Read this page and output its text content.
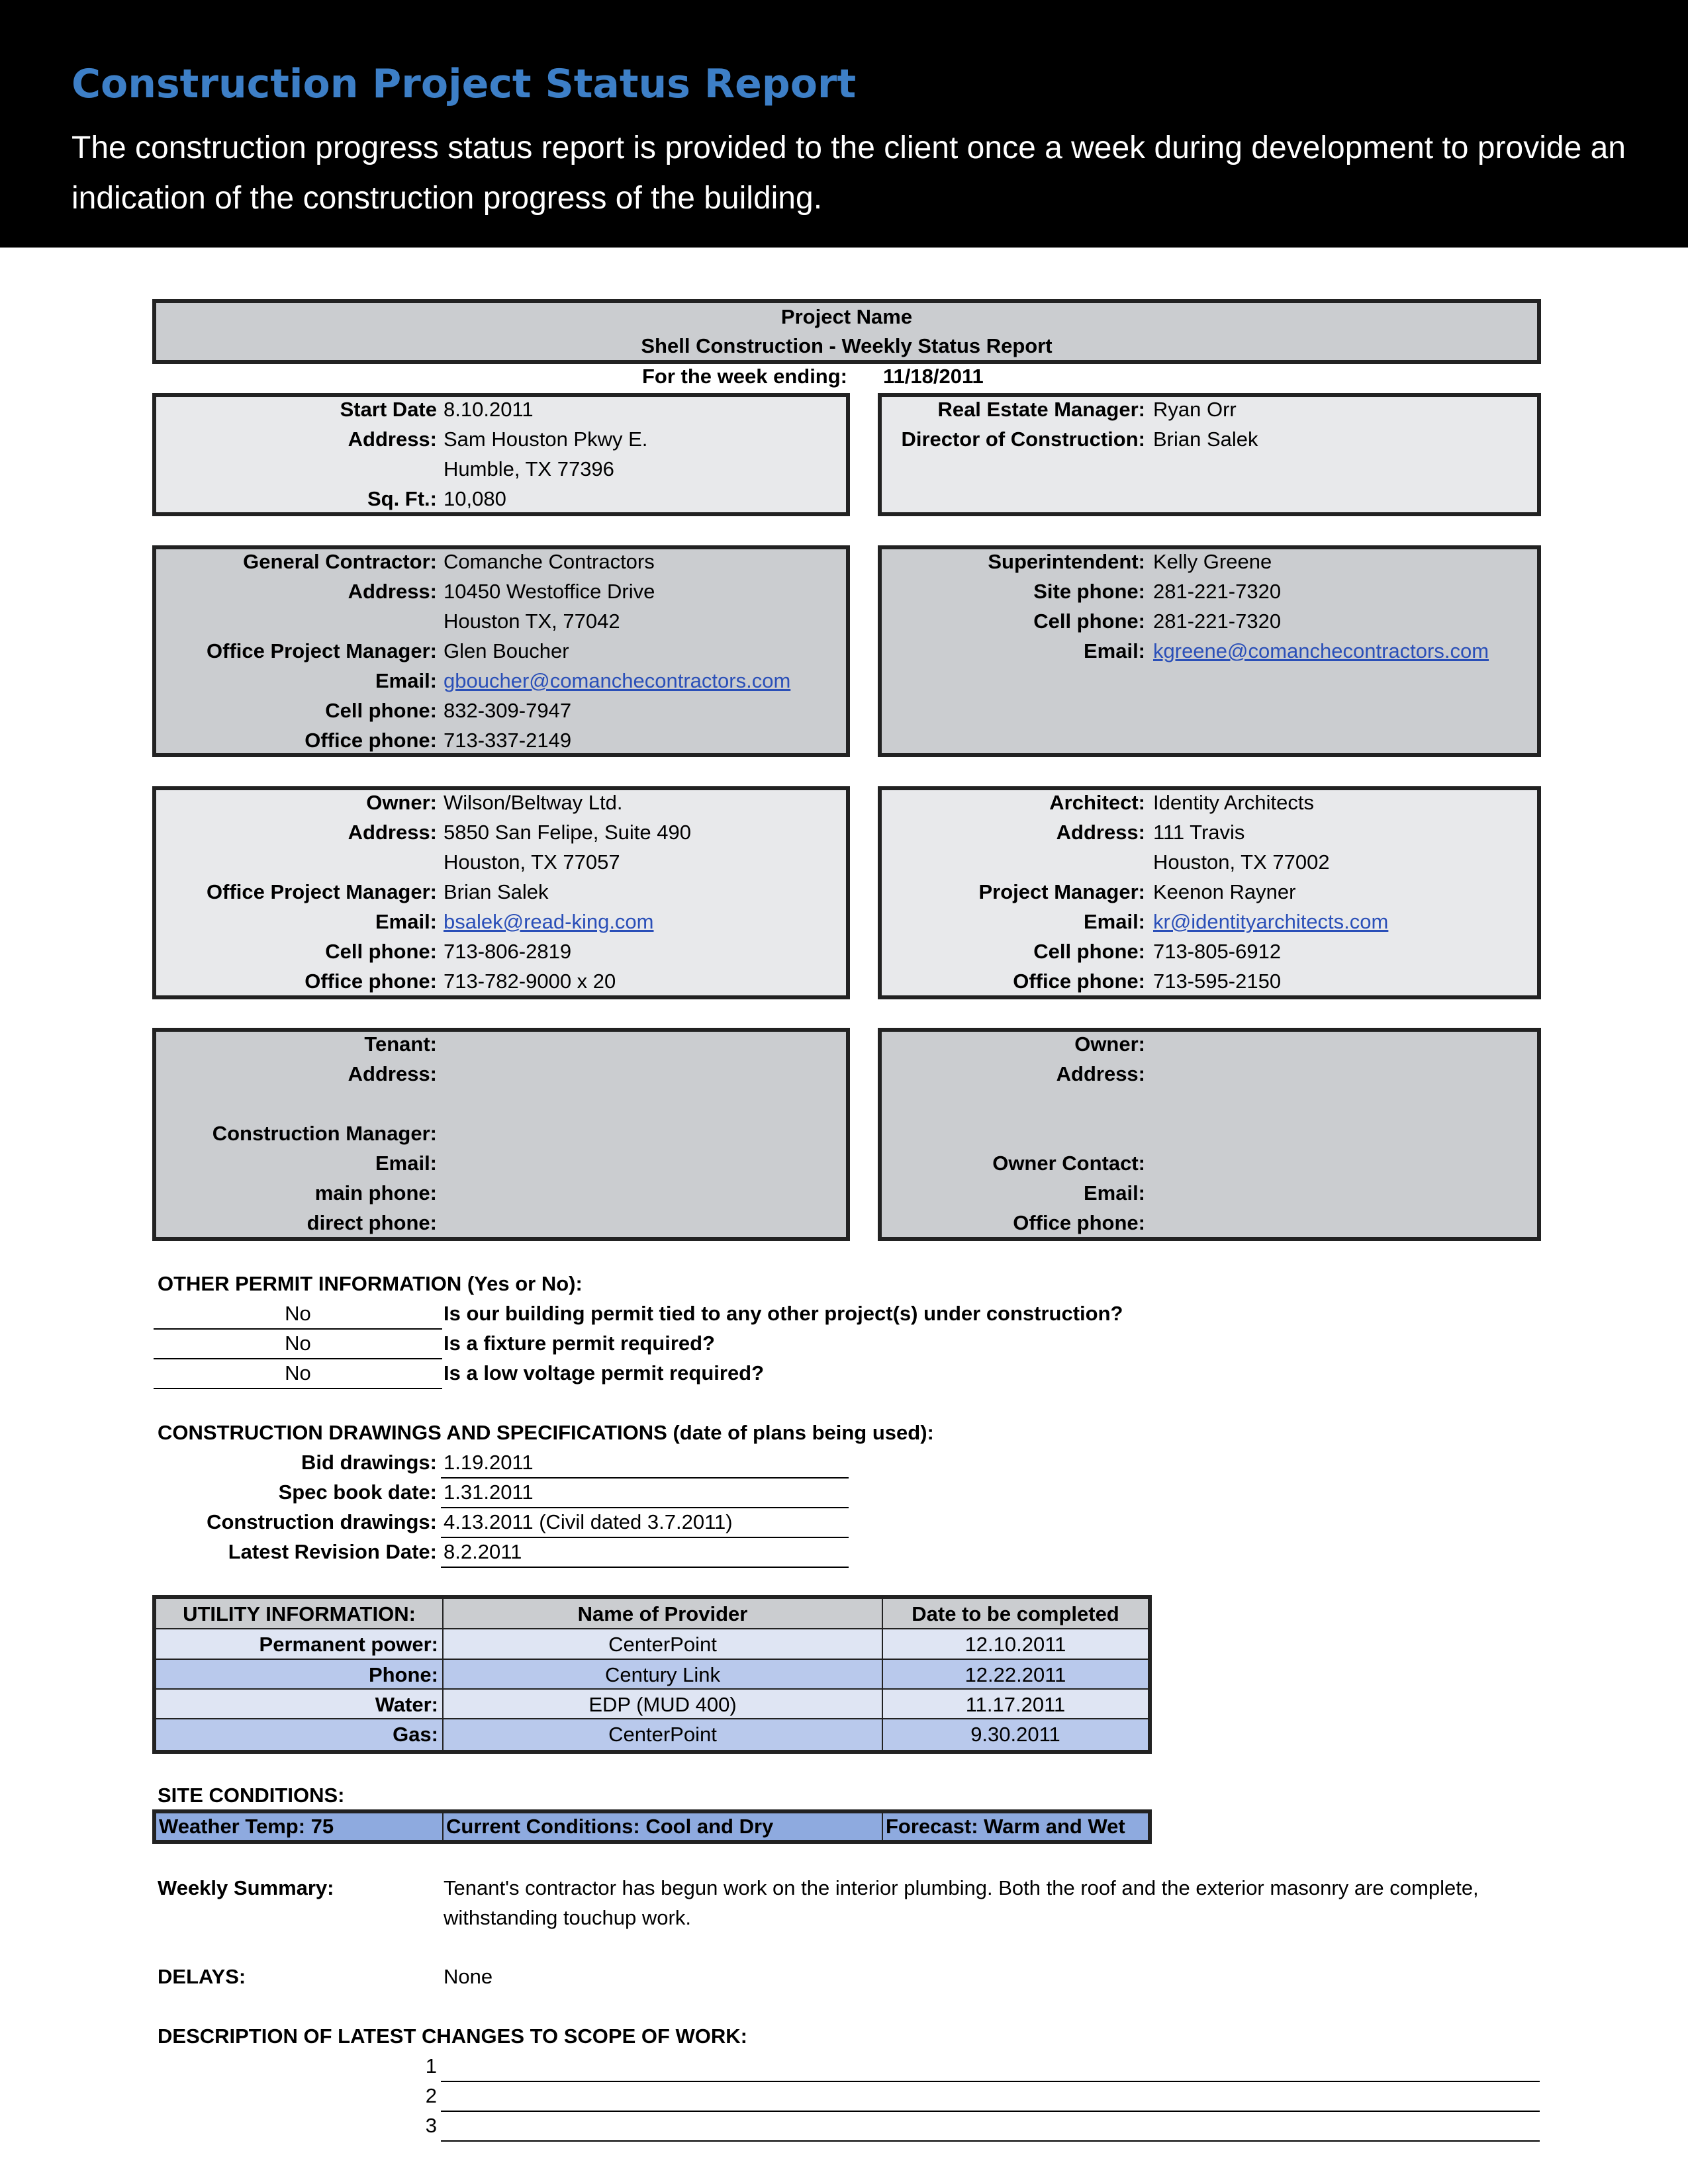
Construction Project Status Report
The construction progress status report is provided to the client once a week during development to provide an indication of the construction progress of the building.
Project Name
Shell Construction - Weekly Status Report
For the week ending: 11/18/2011
Start Date 8.10.2011
Address: Sam Houston Pkwy E.
Humble, TX 77396
Sq. Ft.: 10,080
Real Estate Manager: Ryan Orr
Director of Construction: Brian Salek
General Contractor: Comanche Contractors
Address: 10450 Westoffice Drive
Houston TX, 77042
Office Project Manager: Glen Boucher
Email: gboucher@comanchecontractors.com
Cell phone: 832-309-7947
Office phone: 713-337-2149
Superintendent: Kelly Greene
Site phone: 281-221-7320
Cell phone: 281-221-7320
Email: kgreene@comanchecontractors.com
Owner: Wilson/Beltway Ltd.
Address: 5850 San Felipe, Suite 490
Houston, TX 77057
Office Project Manager: Brian Salek
Email: bsalek@read-king.com
Cell phone: 713-806-2819
Office phone: 713-782-9000 x 20
Architect: Identity Architects
Address: 111 Travis
Houston, TX 77002
Project Manager: Keenon Rayner
Email: kr@identityarchitects.com
Cell phone: 713-805-6912
Office phone: 713-595-2150
Tenant:
Address:
Construction Manager:
Email:
main phone:
direct phone:
Owner:
Address:
Owner Contact:
Email:
Office phone:
OTHER PERMIT INFORMATION (Yes or No):
No	Is our building permit tied to any other project(s) under construction?
No	Is a fixture permit required?
No	Is a low voltage permit required?
CONSTRUCTION DRAWINGS AND SPECIFICATIONS (date of plans being used):
Bid drawings: 1.19.2011
Spec book date: 1.31.2011
Construction drawings: 4.13.2011 (Civil dated 3.7.2011)
Latest Revision Date: 8.2.2011
UTILITY INFORMATION:	Name of Provider	Date to be completed
Permanent power:	CenterPoint	12.10.2011
Phone:	Century Link	12.22.2011
Water:	EDP (MUD 400)	11.17.2011
Gas:	CenterPoint	9.30.2011
SITE CONDITIONS:
Weather Temp: 75	Current Conditions: Cool and Dry	Forecast: Warm and Wet
Weekly Summary:	Tenant's contractor has begun work on the interior plumbing. Both the roof and the exterior masonry are complete,
withstanding touchup work.
DELAYS:	None
DESCRIPTION OF LATEST CHANGES TO SCOPE OF WORK:
1
2
3
